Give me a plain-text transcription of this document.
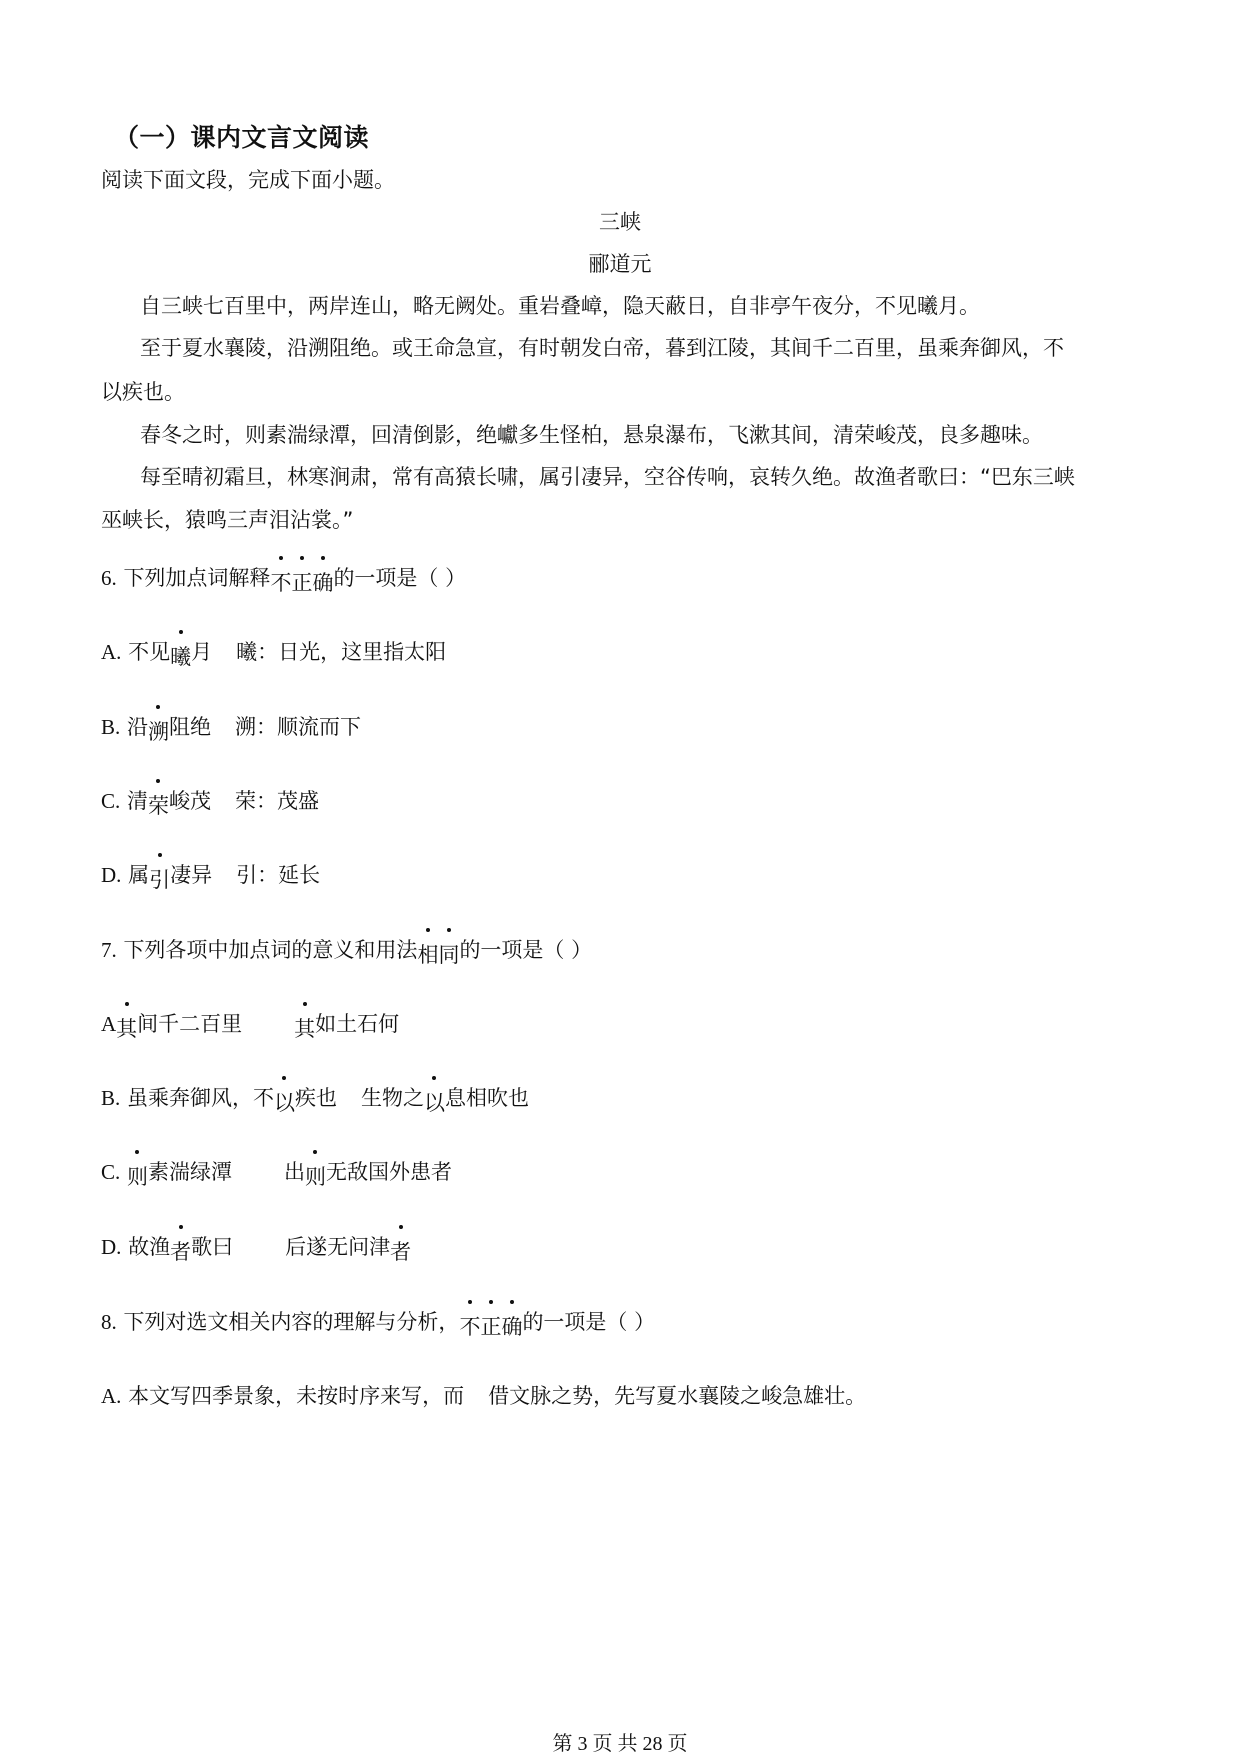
（一）课内文言文阅读
阅读下面文段，完成下面小题。
三峡
郦道元
自三峡七百里中，两岸连山，略无阙处。重岩叠嶂，隐天蔽日，自非亭午夜分，不见曦月。
至于夏水襄陵，沿溯阻绝。或王命急宣，有时朝发白帝，暮到江陵，其间千二百里，虽乘奔御风，不
以疾也。
春冬之时，则素湍绿潭，回清倒影，绝巘多生怪柏，悬泉瀑布，飞漱其间，清荣峻茂，良多趣味。
每至晴初霜旦，林寒涧肃，常有高猿长啸，属引凄异，空谷传响，哀转久绝。故渔者歌曰：“巴东三峡
巫峡长，猿鸣三声泪沾裳。”
6. 下列加点词解释不正确的一项是（ ）
A. 不见曦月 曦：日光，这里指太阳
B. 沿溯阻绝 溯：顺流而下
C. 清荣峻茂 荣：茂盛
D. 属引凄异 引：延长
7. 下列各项中加点词的意义和用法相同的一项是（ ）
A其间千二百里 其如土石何
B. 虽乘奔御风，不以疾也 生物之以息相吹也
C. 则素湍绿潭 出则无敌国外患者
D. 故渔者歌曰 后遂无问津者
8. 下列对选文相关内容的理解与分析，不正确的一项是（ ）
A. 本文写四季景象，未按时序来写，而 借文脉之势，先写夏水襄陵之峻急雄壮。
第 3 页 共 28 页
